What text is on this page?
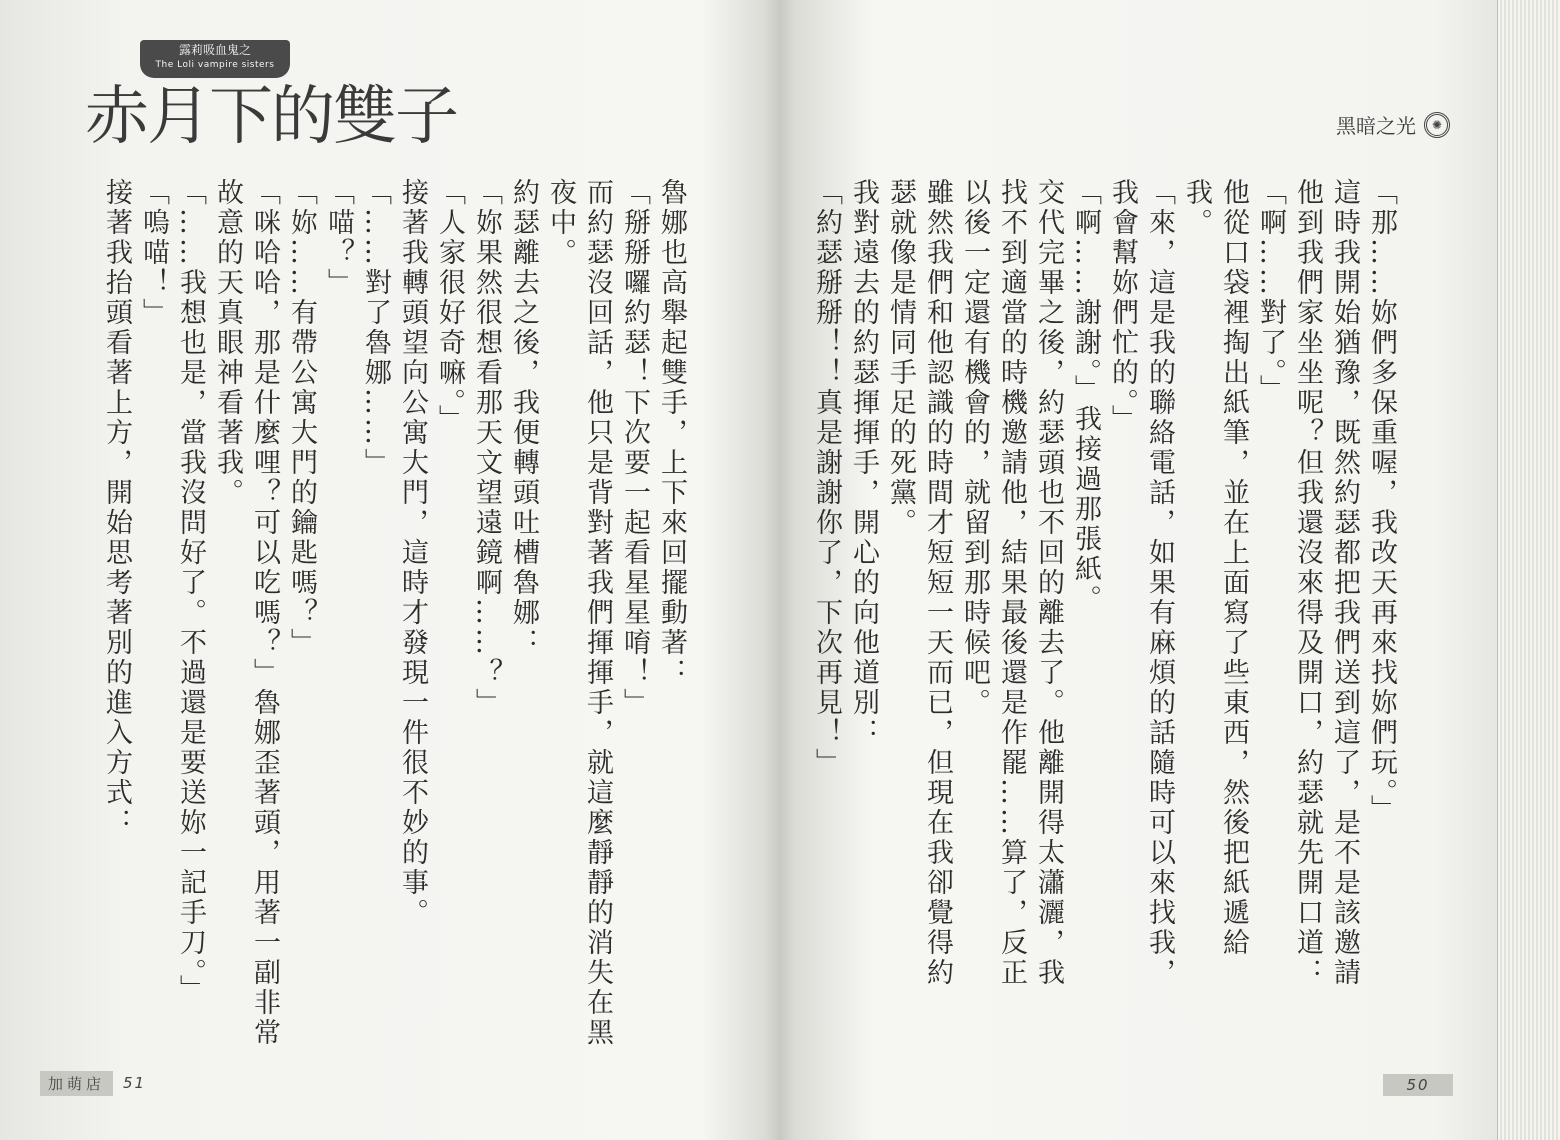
露莉吸血鬼之
The Loli vampire sisters
赤月下的雙子

魯娜也高舉起雙手，上下來回擺動著：

「掰掰囉約瑟！下次要一起看星星唷！」

而約瑟沒回話，他只是背對著我們揮揮手，就這麼靜靜的消失在黑夜中。

約瑟離去之後，我便轉頭吐槽魯娜：

「妳果然很想看那天文望遠鏡啊……？」

「人家很好奇嘛。」

接著我轉頭望向公寓大門，這時才發現一件很不妙的事。

「……對了魯娜……」

「喵？」

「妳……有帶公寓大門的鑰匙嗎？」

「咪哈哈，那是什麼哩？可以吃嗎？」魯娜歪著頭，用著一副非常故意的天真眼神看著我。

「……我想也是，當我沒問好了。不過還是要送妳一記手刀。」

「嗚喵！」

接著我抬頭看著上方，開始思考著別的進入方式：

加萌店	51
黑暗之光	✺

「那……妳們多保重喔，我改天再來找妳們玩。」

這時我開始猶豫，既然約瑟都把我們送到這了，是不是該邀請他到我們家坐坐呢？但我還沒來得及開口，約瑟就先開口道：

「啊……對了。」

他從口袋裡掏出紙筆，並在上面寫了些東西，然後把紙遞給我。

「來，這是我的聯絡電話，如果有麻煩的話隨時可以來找我，我會幫妳們忙的。」

「啊……謝謝。」我接過那張紙。

交代完畢之後，約瑟頭也不回的離去了。他離開得太瀟灑，我找不到適當的時機邀請他，結果最後還是作罷……算了，反正以後一定還有機會的，就留到那時候吧。

雖然我們和他認識的時間才短短一天而已，但現在我卻覺得約瑟就像是情同手足的死黨。

我對遠去的約瑟揮揮手，開心的向他道別：

「約瑟掰掰！！真是謝謝你了，下次再見！」

50
